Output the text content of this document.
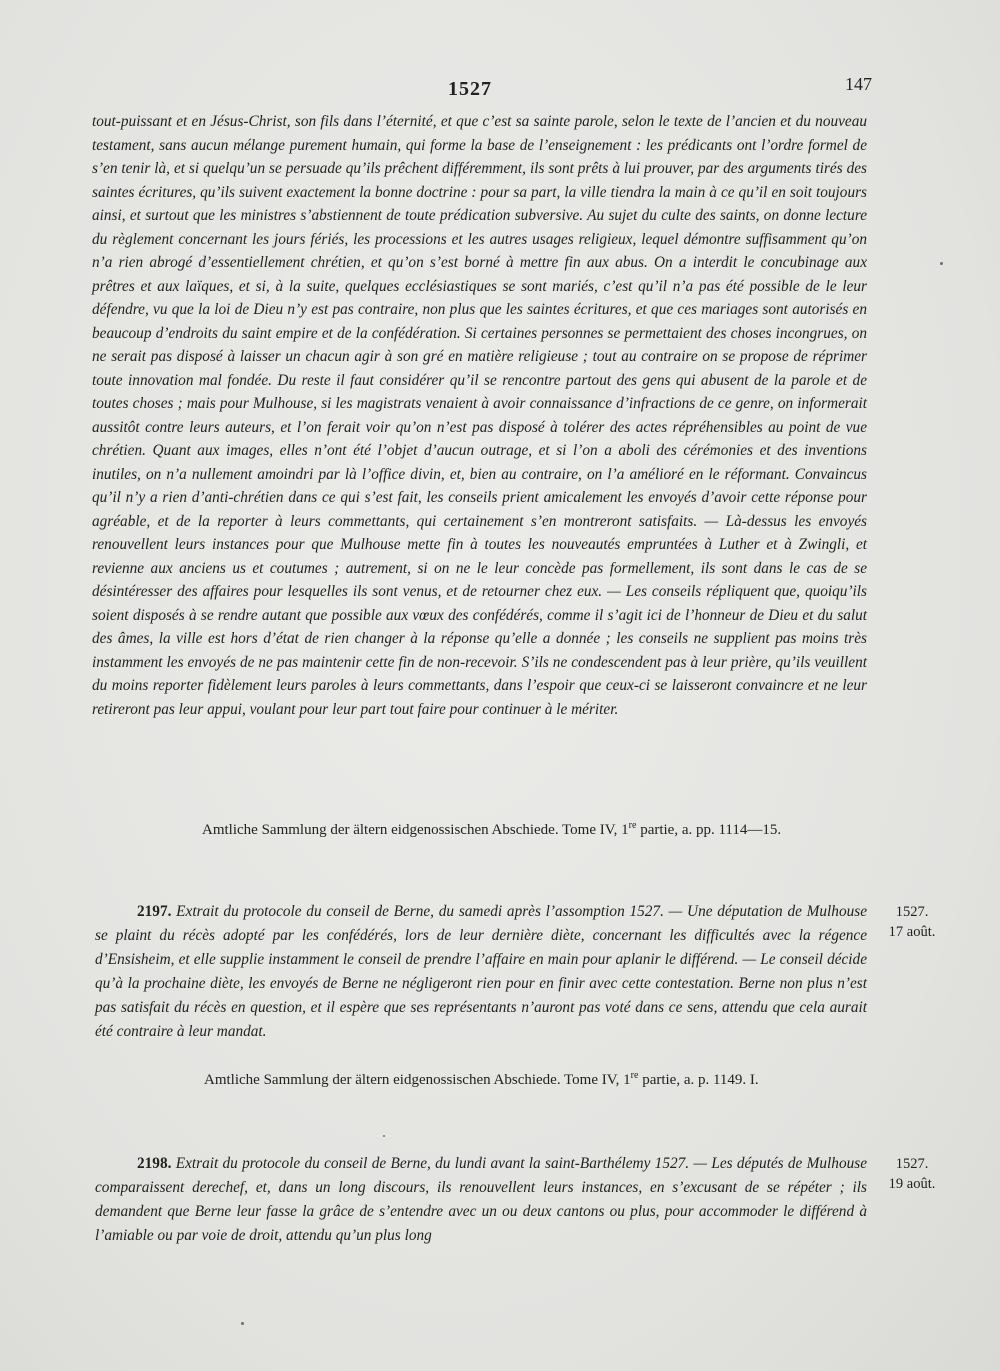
1527	147

tout-puissant et en Jésus-Christ, son fils dans l’éternité, et que c’est sa sainte parole, selon le texte de l’ancien et du nouveau testament, sans aucun mélange purement humain, qui forme la base de l’enseignement : les prédicants ont l’ordre formel de s’en tenir là, et si quelqu’un se persuade qu’ils prêchent différemment, ils sont prêts à lui prouver, par des arguments tirés des saintes écritures, qu’ils suivent exactement la bonne doctrine : pour sa part, la ville tiendra la main à ce qu’il en soit toujours ainsi, et surtout que les ministres s’abstiennent de toute prédication subversive. Au sujet du culte des saints, on donne lecture du règlement concernant les jours fériés, les processions et les autres usages religieux, lequel démontre suffisamment qu’on n’a rien abrogé d’essentiellement chrétien, et qu’on s’est borné à mettre fin aux abus. On a interdit le concubinage aux prêtres et aux laïques, et si, à la suite, quelques ecclésiastiques se sont mariés, c’est qu’il n’a pas été possible de le leur défendre, vu que la loi de Dieu n’y est pas contraire, non plus que les saintes écritures, et que ces mariages sont autorisés en beaucoup d’endroits du saint empire et de la confédération. Si certaines personnes se permettaient des choses incongrues, on ne serait pas disposé à laisser un chacun agir à son gré en matière religieuse ; tout au contraire on se propose de réprimer toute innovation mal fondée. Du reste il faut considérer qu’il se rencontre partout des gens qui abusent de la parole et de toutes choses ; mais pour Mulhouse, si les magistrats venaient à avoir connaissance d’infractions de ce genre, on informerait aussitôt contre leurs auteurs, et l’on ferait voir qu’on n’est pas disposé à tolérer des actes répréhensibles au point de vue chrétien. Quant aux images, elles n’ont été l’objet d’aucun outrage, et si l’on a aboli des cérémonies et des inventions inutiles, on n’a nullement amoindri par là l’office divin, et, bien au contraire, on l’a amélioré en le réformant. Convaincus qu’il n’y a rien d’anti-chrétien dans ce qui s’est fait, les conseils prient amicalement les envoyés d’avoir cette réponse pour agréable, et de la reporter à leurs commettants, qui certainement s’en montreront satisfaits. — Là-dessus les envoyés renouvellent leurs instances pour que Mulhouse mette fin à toutes les nouveautés empruntées à Luther et à Zwingli, et revienne aux anciens us et coutumes ; autrement, si on ne le leur concède pas formellement, ils sont dans le cas de se désintéresser des affaires pour lesquelles ils sont venus, et de retourner chez eux. — Les conseils répliquent que, quoiqu’ils soient disposés à se rendre autant que possible aux vœux des confédérés, comme il s’agit ici de l’honneur de Dieu et du salut des âmes, la ville est hors d’état de rien changer à la réponse qu’elle a donnée ; les conseils ne supplient pas moins très instamment les envoyés de ne pas maintenir cette fin de non-recevoir. S’ils ne condescendent pas à leur prière, qu’ils veuillent du moins reporter fidèlement leurs paroles à leurs commettants, dans l’espoir que ceux-ci se laisseront convaincre et ne leur retireront pas leur appui, voulant pour leur part tout faire pour continuer à le mériter.

Amtliche Sammlung der ältern eidgenossischen Abschiede. Tome IV, 1re partie, a. pp. 1114—15.

2197. Extrait du protocole du conseil de Berne, du samedi après l’assomption 1527. — Une députation de Mulhouse se plaint du récès adopté par les confédérés, lors de leur dernière diète, concernant les difficultés avec la régence d’Ensisheim, et elle supplie instamment le conseil de prendre l’affaire en main pour aplanir le différend. — Le conseil décide qu’à la prochaine diète, les envoyés de Berne ne négligeront rien pour en finir avec cette contestation. Berne non plus n’est pas satisfait du récès en question, et il espère que ses représentants n’auront pas voté dans ce sens, attendu que cela aurait été contraire à leur mandat.

1527.
17 août.

Amtliche Sammlung der ältern eidgenossischen Abschiede. Tome IV, 1re partie, a. p. 1149. I.

2198. Extrait du protocole du conseil de Berne, du lundi avant la saint-Barthélemy 1527. — Les députés de Mulhouse comparaissent derechef, et, dans un long discours, ils renouvellent leurs instances, en s’excusant de se répéter ; ils demandent que Berne leur fasse la grâce de s’entendre avec un ou deux cantons ou plus, pour accommoder le différend à l’amiable ou par voie de droit, attendu qu’un plus long

1527.
19 août.
